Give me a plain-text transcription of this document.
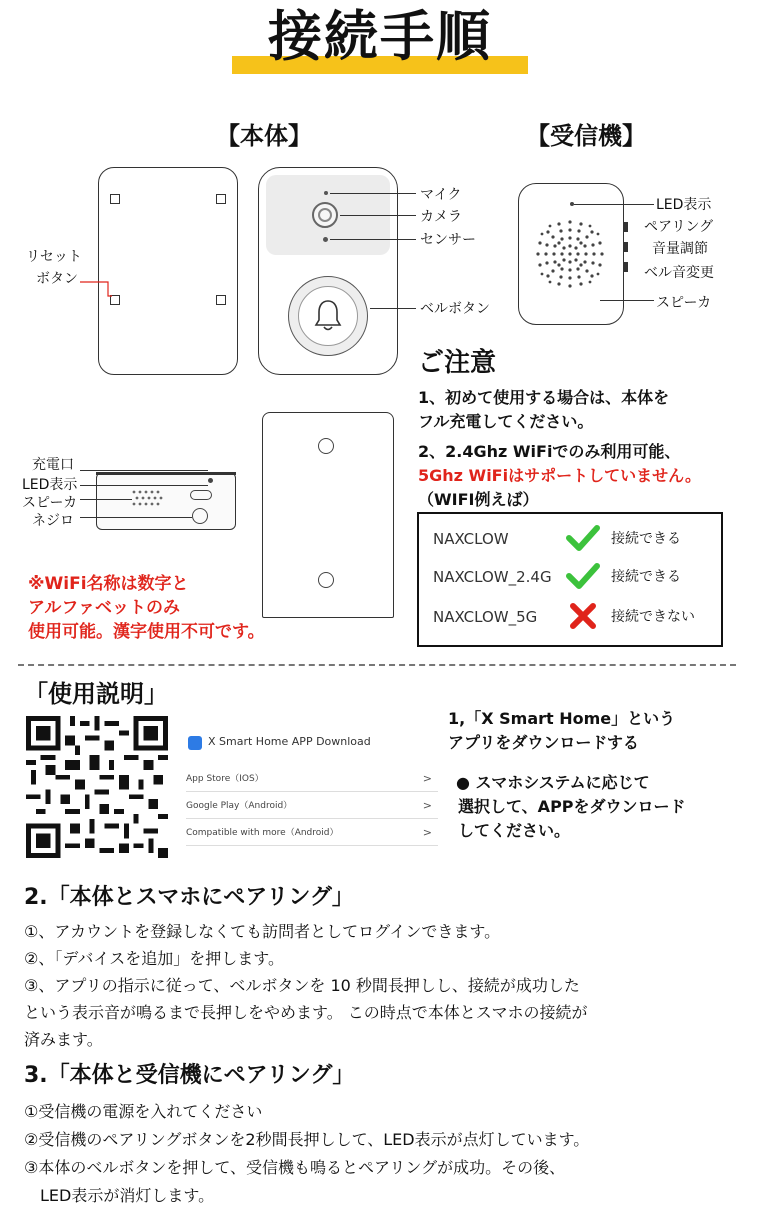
接続手順
【本体】	【受信機】
リセット
ボタン
マイク
カメラ
センサー
ベルボタン
LED表示
ペアリング
音量調節
ベル音変更
スピーカ
ご注意
1、初めて使用する場合は、本体を
フル充電してください。
2、2.4Ghz WiFiでのみ利用可能、
5Ghz WiFiはサポートしていません。
（WIFI例えば）
充電口
LED表示
スピーカ
ネジロ
※WiFi名称は数字と
アルファベットのみ
使用可能。漢字使用不可です。
NAXCLOW	接続できる
NAXCLOW_2.4G	接続できる
NAXCLOW_5G	接続できない
「使用説明」
X Smart Home APP Download
App Store（IOS）	>
Google Play（Android）	>
Compatible with more（Android）	>
1,「X Smart Home」という
アプリをダウンロードする
● スマホシステムに応じて
選択して、APPをダウンロード
してください。
2.「本体とスマホにペアリング」
①、アカウントを登録しなくても訪問者としてログインできます。
②、「デバイスを追加」を押します。
③、アプリの指示に従って、ベルボタンを 10 秒間長押しし、接続が成功した
という表示音が鳴るまで長押しをやめます。 この時点で本体とスマホの接続が
済みます。
3.「本体と受信機にペアリング」
①受信機の電源を入れてください
②受信機のペアリングボタンを2秒間長押しして、LED表示が点灯しています。
③本体のベルボタンを押して、受信機も鳴るとペアリングが成功。その後、
　LED表示が消灯します。
